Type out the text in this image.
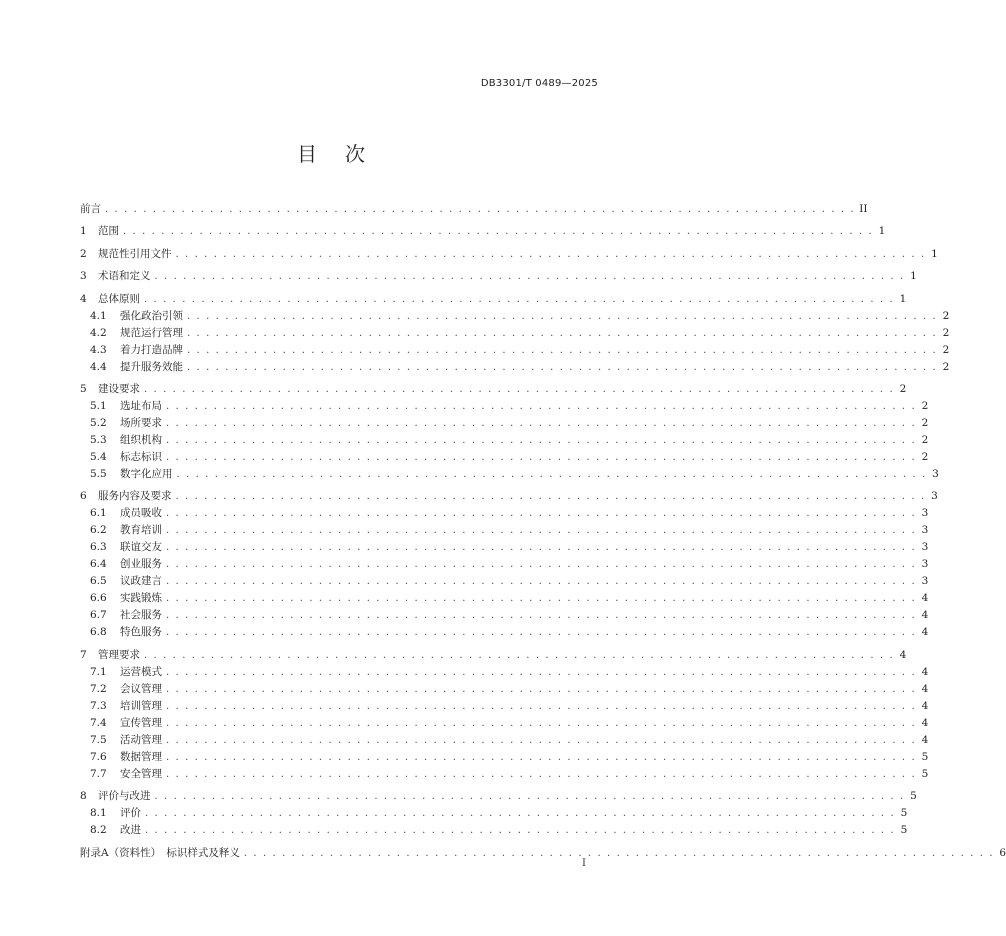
DB3301/T 0489—2025
目次
前言 . . . . . . . . . . . . . . . . . . . . . . . . . . . . . . . . . . . . . . . . . . . . . . . . . . . . . . . . . . . . . . . . . . . . . . . . . . . . . . . II
1	范围 . . . . . . . . . . . . . . . . . . . . . . . . . . . . . . . . . . . . . . . . . . . . . . . . . . . . . . . . . . . . . . . . . . . . . . . . . . . . . . . 1
2	规范性引用文件 . . . . . . . . . . . . . . . . . . . . . . . . . . . . . . . . . . . . . . . . . . . . . . . . . . . . . . . . . . . . . . . . . . . . . . . . . . . . . . . 1
3	术语和定义 . . . . . . . . . . . . . . . . . . . . . . . . . . . . . . . . . . . . . . . . . . . . . . . . . . . . . . . . . . . . . . . . . . . . . . . . . . . . . . . 1
4	总体原则 . . . . . . . . . . . . . . . . . . . . . . . . . . . . . . . . . . . . . . . . . . . . . . . . . . . . . . . . . . . . . . . . . . . . . . . . . . . . . . . 1
4.1	强化政治引领 . . . . . . . . . . . . . . . . . . . . . . . . . . . . . . . . . . . . . . . . . . . . . . . . . . . . . . . . . . . . . . . . . . . . . . . . . . . . . . . 2
4.2	规范运行管理 . . . . . . . . . . . . . . . . . . . . . . . . . . . . . . . . . . . . . . . . . . . . . . . . . . . . . . . . . . . . . . . . . . . . . . . . . . . . . . . 2
4.3	着力打造品牌 . . . . . . . . . . . . . . . . . . . . . . . . . . . . . . . . . . . . . . . . . . . . . . . . . . . . . . . . . . . . . . . . . . . . . . . . . . . . . . . 2
4.4	提升服务效能 . . . . . . . . . . . . . . . . . . . . . . . . . . . . . . . . . . . . . . . . . . . . . . . . . . . . . . . . . . . . . . . . . . . . . . . . . . . . . . . 2
5	建设要求 . . . . . . . . . . . . . . . . . . . . . . . . . . . . . . . . . . . . . . . . . . . . . . . . . . . . . . . . . . . . . . . . . . . . . . . . . . . . . . . 2
5.1	选址布局 . . . . . . . . . . . . . . . . . . . . . . . . . . . . . . . . . . . . . . . . . . . . . . . . . . . . . . . . . . . . . . . . . . . . . . . . . . . . . . . 2
5.2	场所要求 . . . . . . . . . . . . . . . . . . . . . . . . . . . . . . . . . . . . . . . . . . . . . . . . . . . . . . . . . . . . . . . . . . . . . . . . . . . . . . . 2
5.3	组织机构 . . . . . . . . . . . . . . . . . . . . . . . . . . . . . . . . . . . . . . . . . . . . . . . . . . . . . . . . . . . . . . . . . . . . . . . . . . . . . . . 2
5.4	标志标识 . . . . . . . . . . . . . . . . . . . . . . . . . . . . . . . . . . . . . . . . . . . . . . . . . . . . . . . . . . . . . . . . . . . . . . . . . . . . . . . 2
5.5	数字化应用 . . . . . . . . . . . . . . . . . . . . . . . . . . . . . . . . . . . . . . . . . . . . . . . . . . . . . . . . . . . . . . . . . . . . . . . . . . . . . . . 3
6	服务内容及要求 . . . . . . . . . . . . . . . . . . . . . . . . . . . . . . . . . . . . . . . . . . . . . . . . . . . . . . . . . . . . . . . . . . . . . . . . . . . . . . . 3
6.1	成员吸收 . . . . . . . . . . . . . . . . . . . . . . . . . . . . . . . . . . . . . . . . . . . . . . . . . . . . . . . . . . . . . . . . . . . . . . . . . . . . . . . 3
6.2	教育培训 . . . . . . . . . . . . . . . . . . . . . . . . . . . . . . . . . . . . . . . . . . . . . . . . . . . . . . . . . . . . . . . . . . . . . . . . . . . . . . . 3
6.3	联谊交友 . . . . . . . . . . . . . . . . . . . . . . . . . . . . . . . . . . . . . . . . . . . . . . . . . . . . . . . . . . . . . . . . . . . . . . . . . . . . . . . 3
6.4	创业服务 . . . . . . . . . . . . . . . . . . . . . . . . . . . . . . . . . . . . . . . . . . . . . . . . . . . . . . . . . . . . . . . . . . . . . . . . . . . . . . . 3
6.5	议政建言 . . . . . . . . . . . . . . . . . . . . . . . . . . . . . . . . . . . . . . . . . . . . . . . . . . . . . . . . . . . . . . . . . . . . . . . . . . . . . . . 3
6.6	实践锻炼 . . . . . . . . . . . . . . . . . . . . . . . . . . . . . . . . . . . . . . . . . . . . . . . . . . . . . . . . . . . . . . . . . . . . . . . . . . . . . . . 4
6.7	社会服务 . . . . . . . . . . . . . . . . . . . . . . . . . . . . . . . . . . . . . . . . . . . . . . . . . . . . . . . . . . . . . . . . . . . . . . . . . . . . . . . 4
6.8	特色服务 . . . . . . . . . . . . . . . . . . . . . . . . . . . . . . . . . . . . . . . . . . . . . . . . . . . . . . . . . . . . . . . . . . . . . . . . . . . . . . . 4
7	管理要求 . . . . . . . . . . . . . . . . . . . . . . . . . . . . . . . . . . . . . . . . . . . . . . . . . . . . . . . . . . . . . . . . . . . . . . . . . . . . . . . 4
7.1	运营模式 . . . . . . . . . . . . . . . . . . . . . . . . . . . . . . . . . . . . . . . . . . . . . . . . . . . . . . . . . . . . . . . . . . . . . . . . . . . . . . . 4
7.2	会议管理 . . . . . . . . . . . . . . . . . . . . . . . . . . . . . . . . . . . . . . . . . . . . . . . . . . . . . . . . . . . . . . . . . . . . . . . . . . . . . . . 4
7.3	培训管理 . . . . . . . . . . . . . . . . . . . . . . . . . . . . . . . . . . . . . . . . . . . . . . . . . . . . . . . . . . . . . . . . . . . . . . . . . . . . . . . 4
7.4	宣传管理 . . . . . . . . . . . . . . . . . . . . . . . . . . . . . . . . . . . . . . . . . . . . . . . . . . . . . . . . . . . . . . . . . . . . . . . . . . . . . . . 4
7.5	活动管理 . . . . . . . . . . . . . . . . . . . . . . . . . . . . . . . . . . . . . . . . . . . . . . . . . . . . . . . . . . . . . . . . . . . . . . . . . . . . . . . 4
7.6	数据管理 . . . . . . . . . . . . . . . . . . . . . . . . . . . . . . . . . . . . . . . . . . . . . . . . . . . . . . . . . . . . . . . . . . . . . . . . . . . . . . . 5
7.7	安全管理 . . . . . . . . . . . . . . . . . . . . . . . . . . . . . . . . . . . . . . . . . . . . . . . . . . . . . . . . . . . . . . . . . . . . . . . . . . . . . . . 5
8	评价与改进 . . . . . . . . . . . . . . . . . . . . . . . . . . . . . . . . . . . . . . . . . . . . . . . . . . . . . . . . . . . . . . . . . . . . . . . . . . . . . . . 5
8.1	评价 . . . . . . . . . . . . . . . . . . . . . . . . . . . . . . . . . . . . . . . . . . . . . . . . . . . . . . . . . . . . . . . . . . . . . . . . . . . . . . . 5
8.2	改进 . . . . . . . . . . . . . . . . . . . . . . . . . . . . . . . . . . . . . . . . . . . . . . . . . . . . . . . . . . . . . . . . . . . . . . . . . . . . . . . 5
附录A（资料性）　标识样式及释义 . . . . . . . . . . . . . . . . . . . . . . . . . . . . . . . . . . . . . . . . . . . . . . . . . . . . . . . . . . . . . . . . . . . . . . . . . . . . . . . 6
I
